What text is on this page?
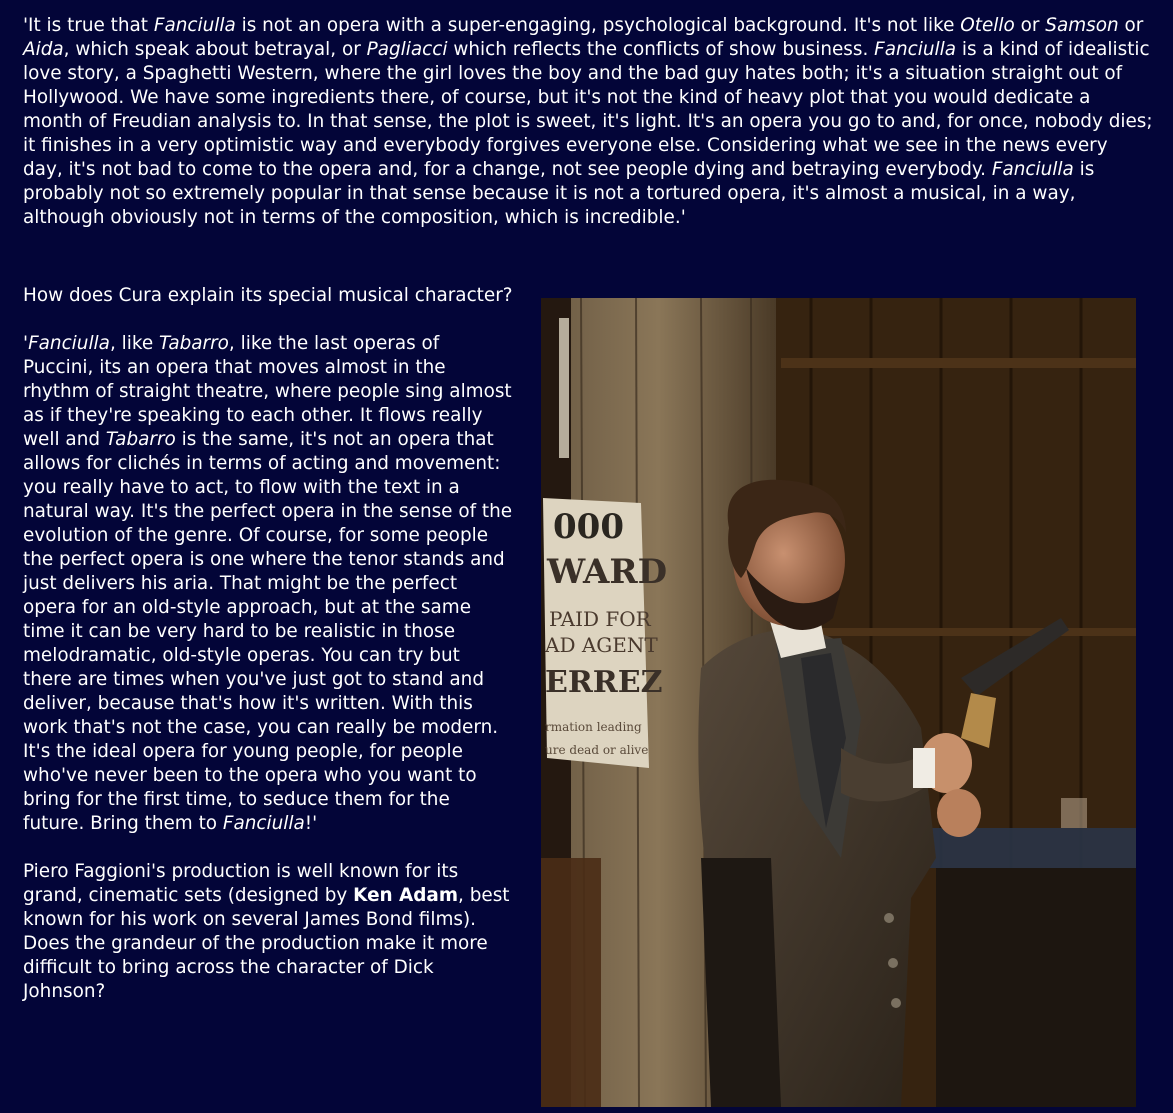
'It is true that Fanciulla is not an opera with a super-engaging, psychological background. It's not like Otello or Samson or Aida, which speak about betrayal, or Pagliacci which reflects the conflicts of show business. Fanciulla is a kind of idealistic love story, a Spaghetti Western, where the girl loves the boy and the bad guy hates both; it's a situation straight out of Hollywood. We have some ingredients there, of course, but it's not the kind of heavy plot that you would dedicate a month of Freudian analysis to. In that sense, the plot is sweet, it's light. It's an opera you go to and, for once, nobody dies; it finishes in a very optimistic way and everybody forgives everyone else. Considering what we see in the news every day, it's not bad to come to the opera and, for a change, not see people dying and betraying everybody. Fanciulla is probably not so extremely popular in that sense because it is not a tortured opera, it's almost a musical, in a way, although obviously not in terms of the composition, which is incredible.'

How does Cura explain its special musical character?

'Fanciulla, like Tabarro, like the last operas of Puccini, its an opera that moves almost in the rhythm of straight theatre, where people sing almost as if they're speaking to each other. It flows really well and Tabarro is the same, it's not an opera that allows for clichés in terms of acting and movement: you really have to act, to flow with the text in a natural way. It's the perfect opera in the sense of the evolution of the genre. Of course, for some people the perfect opera is one where the tenor stands and just delivers his aria. That might be the perfect opera for an old-style approach, but at the same time it can be very hard to be realistic in those melodramatic, old-style operas. You can try but there are times when you've just got to stand and deliver, because that's how it's written. With this work that's not the case, you can really be modern. It's the ideal opera for young people, for people who've never been to the opera who you want to bring for the first time, to seduce them for the future. Bring them to Fanciulla!'

Piero Faggioni's production is well known for its grand, cinematic sets (designed by Ken Adam, best known for his work on several James Bond films). Does the grandeur of the production make it more difficult to bring across the character of Dick Johnson?

000
WARD
PAID FOR
AD AGENT
ERREZ
rmation leading
ure dead or alive
